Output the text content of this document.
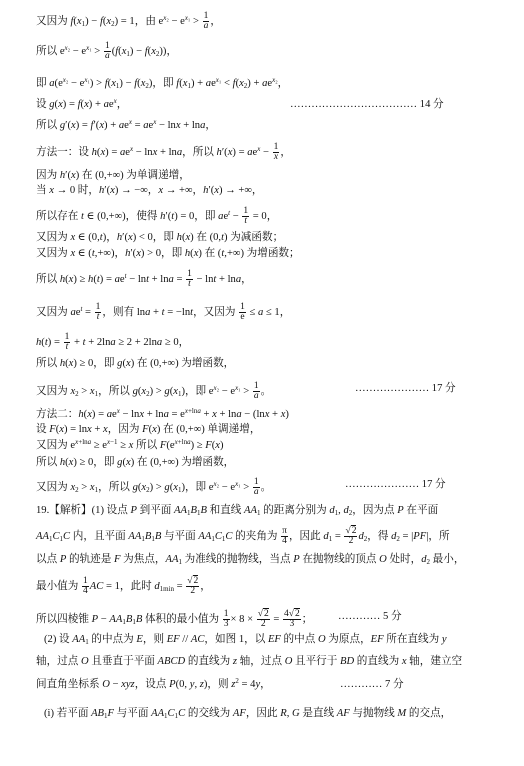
又因为 $f(x_1) - f(x_2) = 1$，由 $e^{x_2} - e^{x_1} > \frac{1}{a}$ ，
所以 $e^{x_2} - e^{x_1} > \frac{1}{a} (f(x_1) - f(x_2))$，
即 $a(e^{x_2} - e^{x_1}) > f(x_1) - f(x_2)$，即 $f(x_1) + ae^{x_1} < f(x_2) + ae^{x_2}$，
设 $g(x) = f(x) + ae^x$，	……………………………… 14 分
所以 $g'(x) = f'(x) + ae^x = ae^x - \ln x + \ln a$，
方法一：设 $h(x) = ae^x - \ln x + \ln a$，所以 $h'(x) = ae^x - \frac{1}{x}$ ，
因为 h′(x) 在 (0,+∞) 为单调递增，
当 x → 0 时，h′(x) → −∞，x → +∞，h′(x) → +∞，
所以存在 t ∈ (0,+∞)，使得 h′(t) = 0，即 $ae^t - \frac{1}{t} = 0$，
又因为 x ∈ (0,t)，h′(x) < 0，即 h(x) 在 (0,t) 为减函数；
又因为 x ∈ (t,+∞)，h′(x) > 0，即 h(x) 在 (t,+∞) 为增函数；
所以 $h(x) \ge h(t) = ae^t - \ln t + \ln a = \frac{1}{t} - \ln t + \ln a$，
又因为 $ae^t = \frac{1}{t}$ ，则有 lna + t = −lnt，又因为 $\frac{1}{e} \le a \le 1$，
$h(t) = \frac{1}{t} + t + 2\ln a \ge 2 + 2\ln a \ge 0$，
所以 h(x) ≥ 0，即 g(x) 在 (0,+∞) 为增函数，
又因为 $x_2 > x_1$，所以 $g(x_2) > g(x_1)$，即 $e^{x_2} - e^{x_1} > \frac{1}{a}$ 。	………………… 17 分
方法二：$h(x) = ae^x - \ln x + \ln a = e^{x+lna} + x + \ln a - (\ln x + x)$
设 F(x) = lnx + x，因为 F(x) 在 (0,+∞) 单调递增，
又因为 $e^{x+lna} \ge e^{x-1} \ge x$ 所以 $F(e^{x+lna}) \ge F(x)$
所以 h(x) ≥ 0，即 g(x) 在 (0,+∞) 为增函数，
又因为 $x_2 > x_1$，所以 $g(x_2) > g(x_1)$，即 $e^{x_2} - e^{x_1} > \frac{1}{a}$ 。	………………… 17 分
19.【解析】(1) 设点 P 到平面 $AA_1B_1B$ 和直线 $AA_1$ 的距离分别为 $d_1$, $d_2$，因为点 P 在平面
$AA_1C_1C$ 内，且平面 $AA_1B_1B$ 与平面 $AA_1C_1C$ 的夹角为 $\frac{\pi}{4}$ ，因此 $d_1 = \frac{√2}{2} d_2$，得 $d_2 = |PF|$，所
以点 P 的轨迹是 F 为焦点，$AA_1$ 为准线的抛物线，当点 P 在抛物线的顶点 O 处时，$d_2$ 最小，
最小值为 $\frac{1}{4}$ AC = 1，此时 $d_{1min} = \frac{√2}{2}$ ，
所以四棱锥 $P - AA_1B_1B$ 体积的最小值为 $\frac{1}{3} \times 8 \times \frac{√2}{2} = \frac{4√2}{3}$ ； ………… 5 分
(2) 设 $AA_1$ 的中点为 E，则 EF // AC，如图 1，以 EF 的中点 O 为原点，EF 所在直线为 y
轴，过点 O 且垂直于平面 ABCD 的直线为 z 轴，过点 O 且平行于 BD 的直线为 x 轴，建立空
间直角坐标系 O − xyz，设点 P(0, y, z)，则 $z^2 = 4y$，	………… 7 分
(i) 若平面 $AB_1F$ 与平面 $AA_1C_1C$ 的交线为 AF，因此 R, G 是直线 AF 与抛物线 M 的交点，
